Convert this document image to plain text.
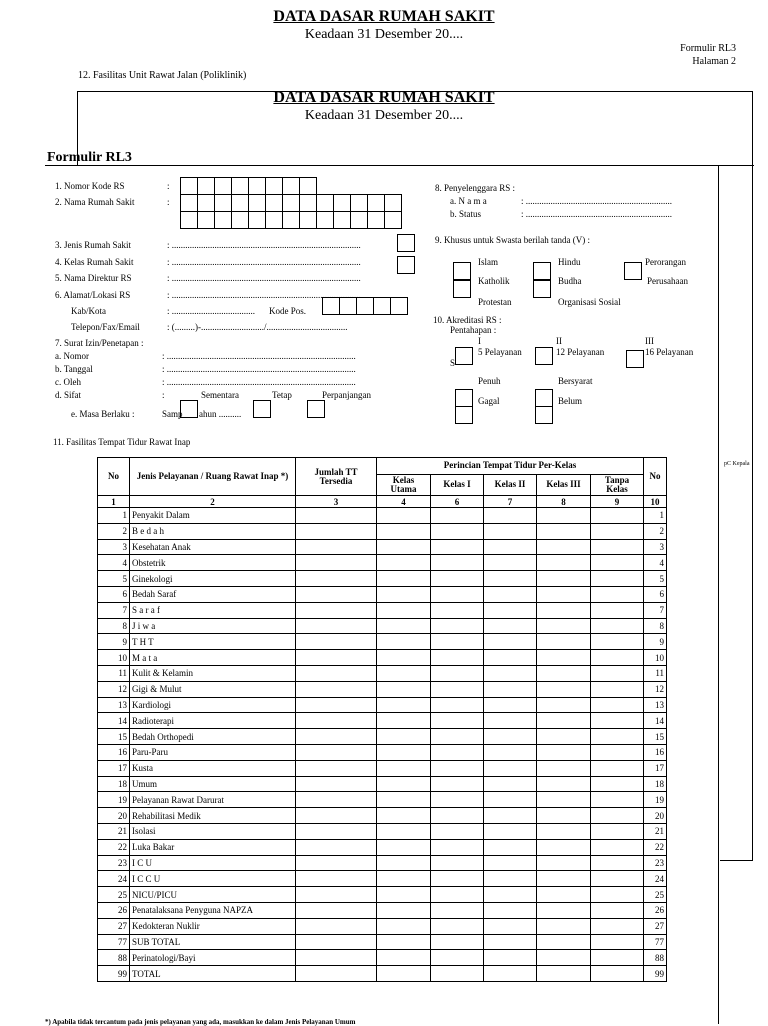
DATA DASAR RUMAH SAKIT
Keadaan 31 Desember 20....
Formulir RL3
Halaman 2
12. Fasilitas Unit Rawat Jalan (Poliklinik)
DATA DASAR RUMAH SAKIT
Keadaan 31 Desember 20....
Formulir RL3
pC Kepala
1. Nomor Kode RS	:
2. Nama Rumah Sakit	:
3. Jenis Rumah Sakit	: ....................................................................................
4. Kelas Rumah Sakit	: ....................................................................................
5. Nama Direktur RS	: ....................................................................................
6. Alamat/Lokasi RS	: ....................................................................................
Kab/Kota	: ..................................... Kode Pos.
Telepon/Fax/Email	: (.........)-............................/....................................
7. Surat Izin/Penetapan :
a. Nomor	: ....................................................................................
b. Tanggal	: ....................................................................................
c. Oleh	: ....................................................................................
d. Sifat	:	Sementara	Tetap	Perpanjangan
e. Masa Berlaku :	Samp ahun ..........
8. Penyelenggara RS :
a. N a m a	: .................................................................
b. Status	: .................................................................
9. Khusus untuk Swasta berilah tanda (V) :
Islam	Hindu	Perorangan
Katholik	Budha	Perusahaan
Protestan	Organisasi Sosial
10. Akreditasi RS :
Pentahapan :
I	II	III
S
5 Pelayanan	12 Pelayanan	16 Pelayanan
Penuh	Bersyarat
Gagal	Belum
11. Fasilitas Tempat Tidur Rawat Inap
No	Jenis Pelayanan / Ruang Rawat Inap *)	Jumlah TT Tersedia	Perincian Tempat Tidur Per-Kelas					No
			Kelas Utama	Kelas I	Kelas II	Kelas III	Tanpa Kelas	
1	2	3	4	6	7	8	9	10
1	Penyakit Dalam							1
2	B e d a h							2
3	Kesehatan Anak							3
4	Obstetrik							4
5	Ginekologi							5
6	Bedah Saraf							6
7	S a r a f							7
8	J i w a							8
9	T H T							9
10	M a t a							10
11	Kulit & Kelamin							11
12	Gigi & Mulut							12
13	Kardiologi							13
14	Radioterapi							14
15	Bedah Orthopedi							15
16	Paru-Paru							16
17	Kusta							17
18	Umum							18
19	Pelayanan Rawat Darurat							19
20	Rehabilitasi Medik							20
21	Isolasi							21
22	Luka Bakar							22
23	I C U							23
24	I C C U							24
25	NICU/PICU							25
26	Penatalaksana Penyguna NAPZA							26
27	Kedokteran Nuklir							27
77	SUB TOTAL							77
88	Perinatologi/Bayi							88
99	TOTAL							99
*) Apabila tidak tercantum pada jenis pelayanan yang ada, masukkan ke dalam Jenis Pelayanan Umum
